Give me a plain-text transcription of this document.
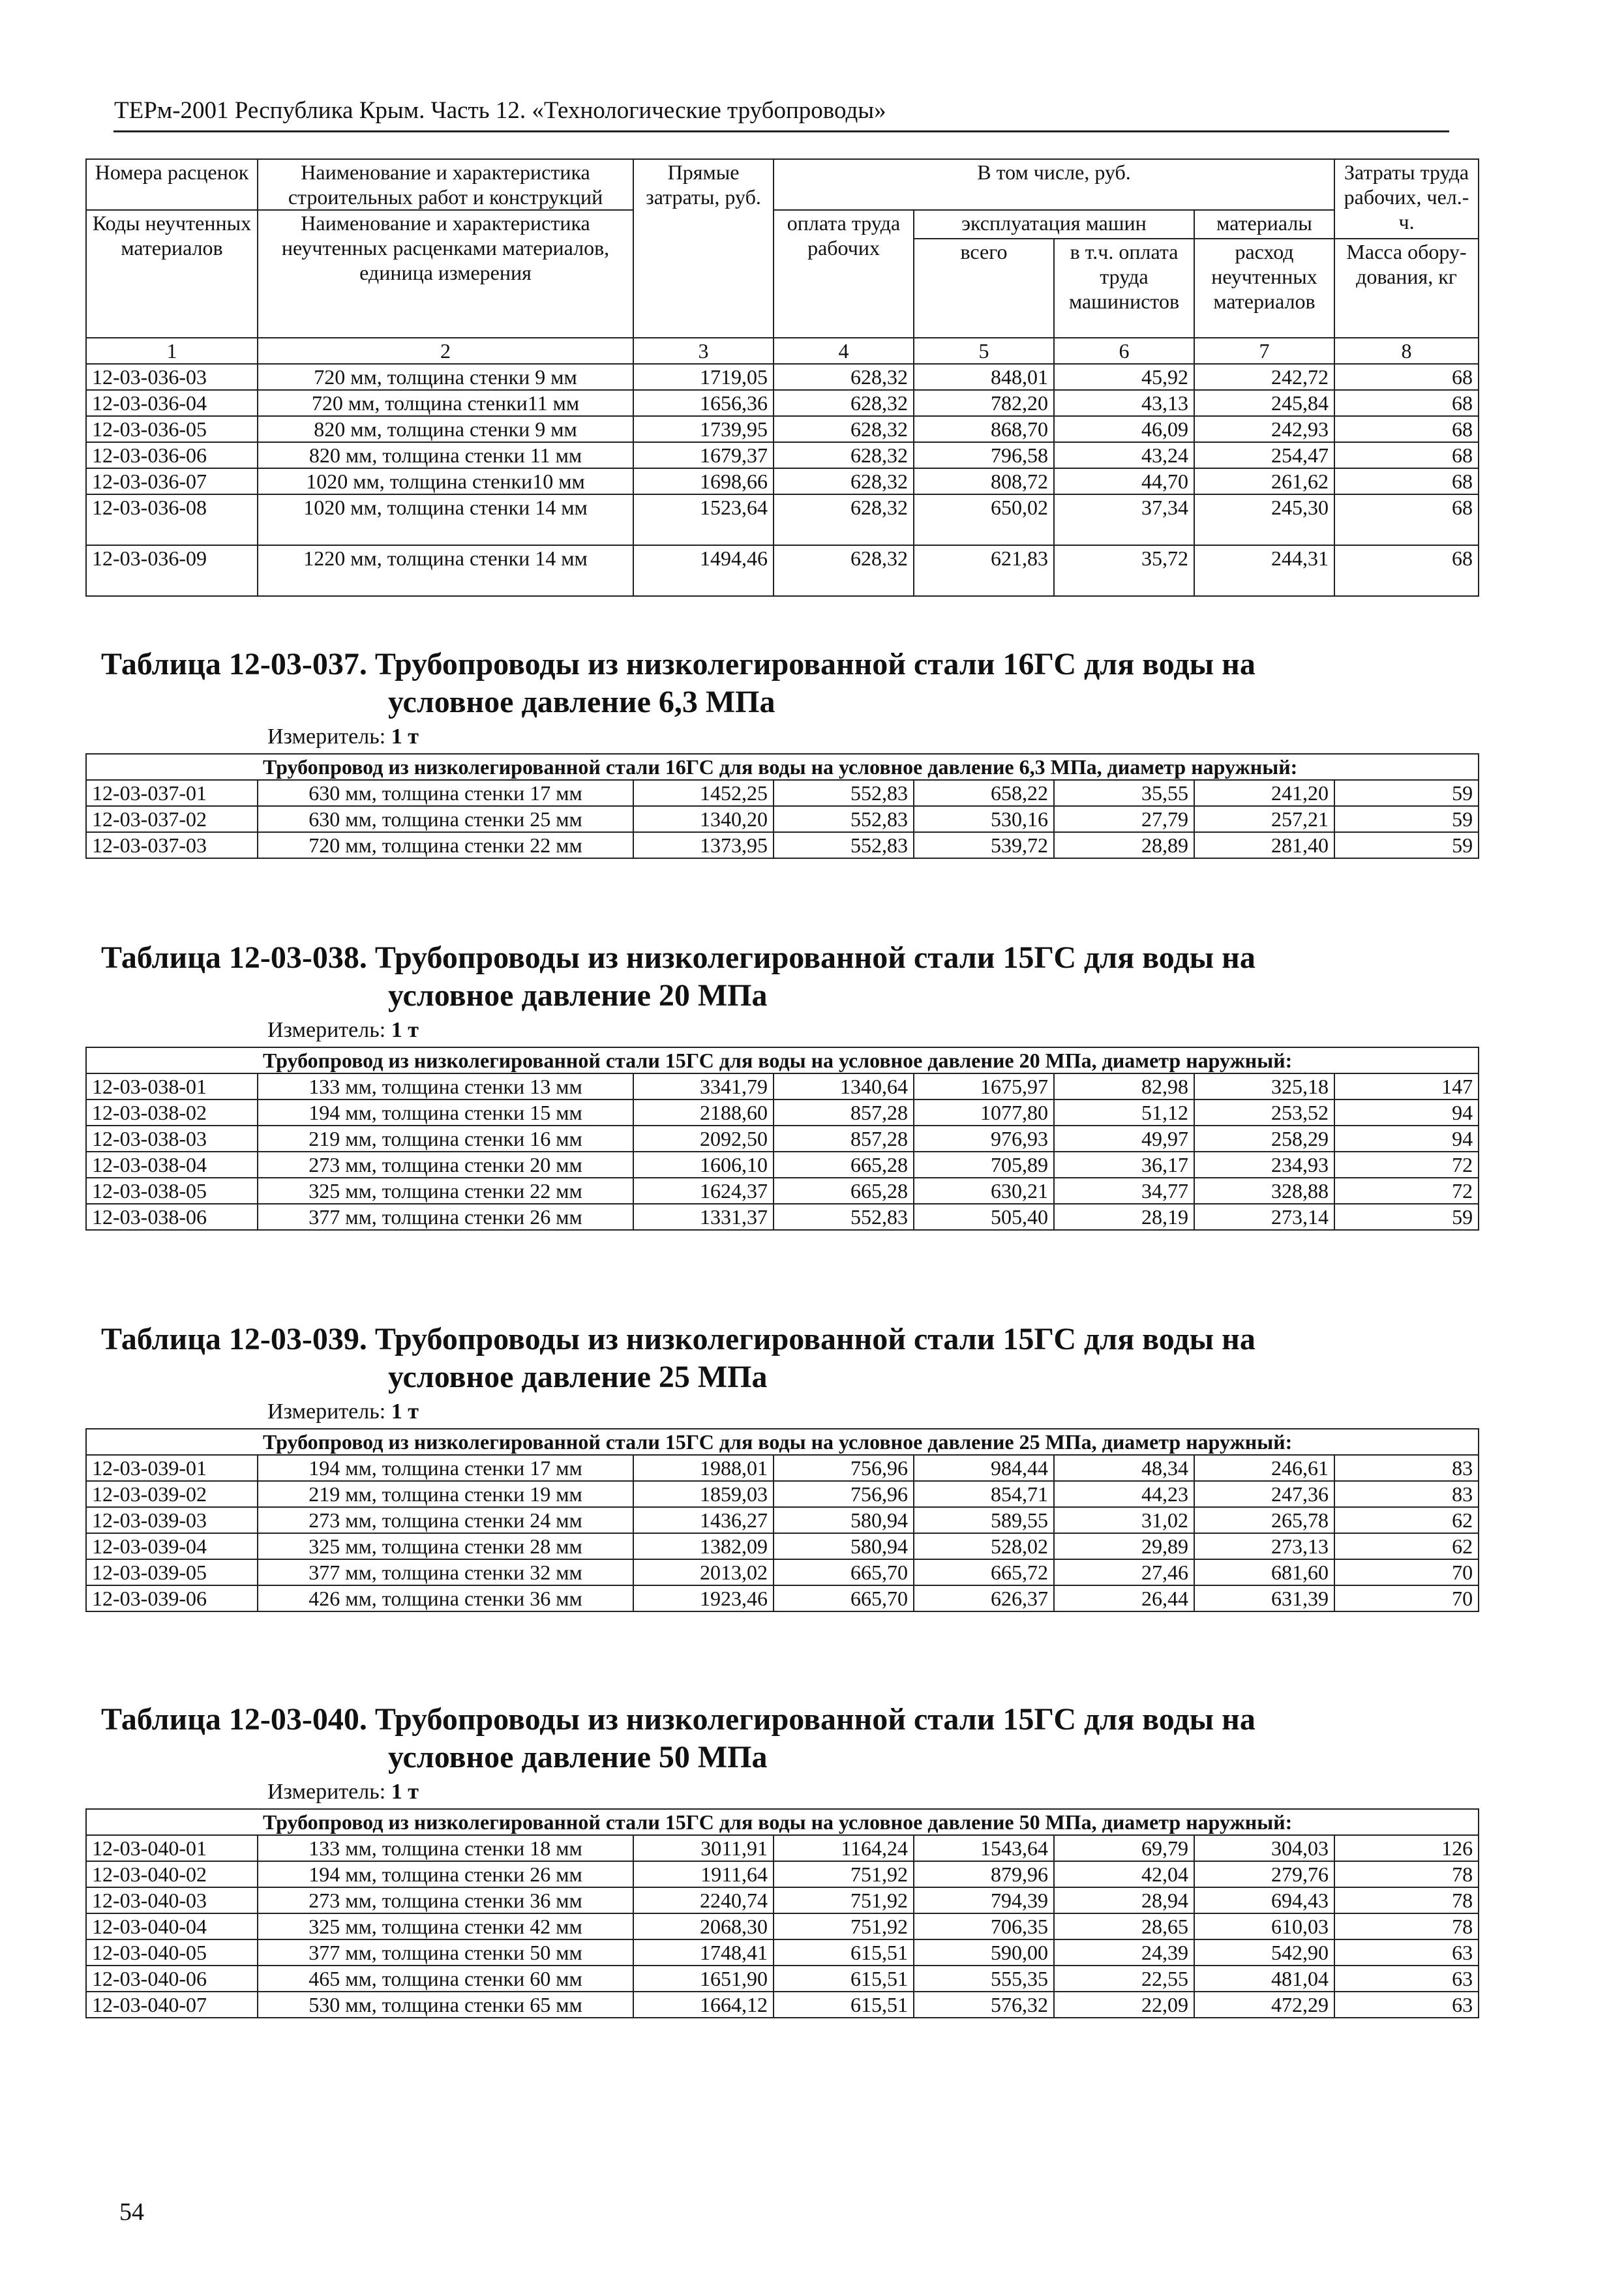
ТЕРм-2001 Республика Крым. Часть 12. «Технологические трубопроводы»
Номера расценок	Наименование и характеристика строительных работ и конструкций	Прямые затраты, руб.	В том числе, руб.				Затраты труда рабочих, чел.-ч.
Коды неучтенных материалов	Наименование и характеристика неучтенных расценками материалов, единица измерения		оплата труда рабочих	эксплуатация машин		материалы	
				всего	в т.ч. оплата труда машинистов	расход неучтенных материалов	Масса обору-дования, кг
1	2	3	4	5	6	7	8
12-03-036-03	720 мм, толщина стенки 9 мм	1719,05	628,32	848,01	45,92	242,72	68
12-03-036-04	720 мм, толщина стенки11 мм	1656,36	628,32	782,20	43,13	245,84	68
12-03-036-05	820 мм, толщина стенки 9 мм	1739,95	628,32	868,70	46,09	242,93	68
12-03-036-06	820 мм, толщина стенки 11 мм	1679,37	628,32	796,58	43,24	254,47	68
12-03-036-07	1020 мм, толщина стенки10 мм	1698,66	628,32	808,72	44,70	261,62	68
12-03-036-08	1020 мм, толщина стенки 14 мм	1523,64	628,32	650,02	37,34	245,30	68
12-03-036-09	1220 мм, толщина стенки 14 мм	1494,46	628,32	621,83	35,72	244,31	68
Таблица 12-03-037. Трубопроводы из низколегированной стали 16ГС для воды на
условное давление 6,3 МПа
Измеритель: 1 т
	Трубопровод из низколегированной стали 16ГС для воды на условное давление 6,3 МПа, диаметр наружный:						
12-03-037-01	630 мм, толщина стенки 17 мм	1452,25	552,83	658,22	35,55	241,20	59
12-03-037-02	630 мм, толщина стенки 25 мм	1340,20	552,83	530,16	27,79	257,21	59
12-03-037-03	720 мм, толщина стенки 22 мм	1373,95	552,83	539,72	28,89	281,40	59
Таблица 12-03-038. Трубопроводы из низколегированной стали 15ГС для воды на
условное давление 20 МПа
Измеритель: 1 т
	Трубопровод из низколегированной стали 15ГС для воды на условное давление 20 МПа, диаметр наружный:						
12-03-038-01	133 мм, толщина стенки 13 мм	3341,79	1340,64	1675,97	82,98	325,18	147
12-03-038-02	194 мм, толщина стенки 15 мм	2188,60	857,28	1077,80	51,12	253,52	94
12-03-038-03	219 мм, толщина стенки 16 мм	2092,50	857,28	976,93	49,97	258,29	94
12-03-038-04	273 мм, толщина стенки 20 мм	1606,10	665,28	705,89	36,17	234,93	72
12-03-038-05	325 мм, толщина стенки 22 мм	1624,37	665,28	630,21	34,77	328,88	72
12-03-038-06	377 мм, толщина стенки 26 мм	1331,37	552,83	505,40	28,19	273,14	59
Таблица 12-03-039. Трубопроводы из низколегированной стали 15ГС для воды на
условное давление 25 МПа
Измеритель: 1 т
	Трубопровод из низколегированной стали 15ГС для воды на условное давление 25 МПа, диаметр наружный:						
12-03-039-01	194 мм, толщина стенки 17 мм	1988,01	756,96	984,44	48,34	246,61	83
12-03-039-02	219 мм, толщина стенки 19 мм	1859,03	756,96	854,71	44,23	247,36	83
12-03-039-03	273 мм, толщина стенки 24 мм	1436,27	580,94	589,55	31,02	265,78	62
12-03-039-04	325 мм, толщина стенки 28 мм	1382,09	580,94	528,02	29,89	273,13	62
12-03-039-05	377 мм, толщина стенки 32 мм	2013,02	665,70	665,72	27,46	681,60	70
12-03-039-06	426 мм, толщина стенки 36 мм	1923,46	665,70	626,37	26,44	631,39	70
Таблица 12-03-040. Трубопроводы из низколегированной стали 15ГС для воды на
условное давление 50 МПа
Измеритель: 1 т
	Трубопровод из низколегированной стали 15ГС для воды на условное давление 50 МПа, диаметр наружный:						
12-03-040-01	133 мм, толщина стенки 18 мм	3011,91	1164,24	1543,64	69,79	304,03	126
12-03-040-02	194 мм, толщина стенки 26 мм	1911,64	751,92	879,96	42,04	279,76	78
12-03-040-03	273 мм, толщина стенки 36 мм	2240,74	751,92	794,39	28,94	694,43	78
12-03-040-04	325 мм, толщина стенки 42 мм	2068,30	751,92	706,35	28,65	610,03	78
12-03-040-05	377 мм, толщина стенки 50 мм	1748,41	615,51	590,00	24,39	542,90	63
12-03-040-06	465 мм, толщина стенки 60 мм	1651,90	615,51	555,35	22,55	481,04	63
12-03-040-07	530 мм, толщина стенки 65 мм	1664,12	615,51	576,32	22,09	472,29	63
54
